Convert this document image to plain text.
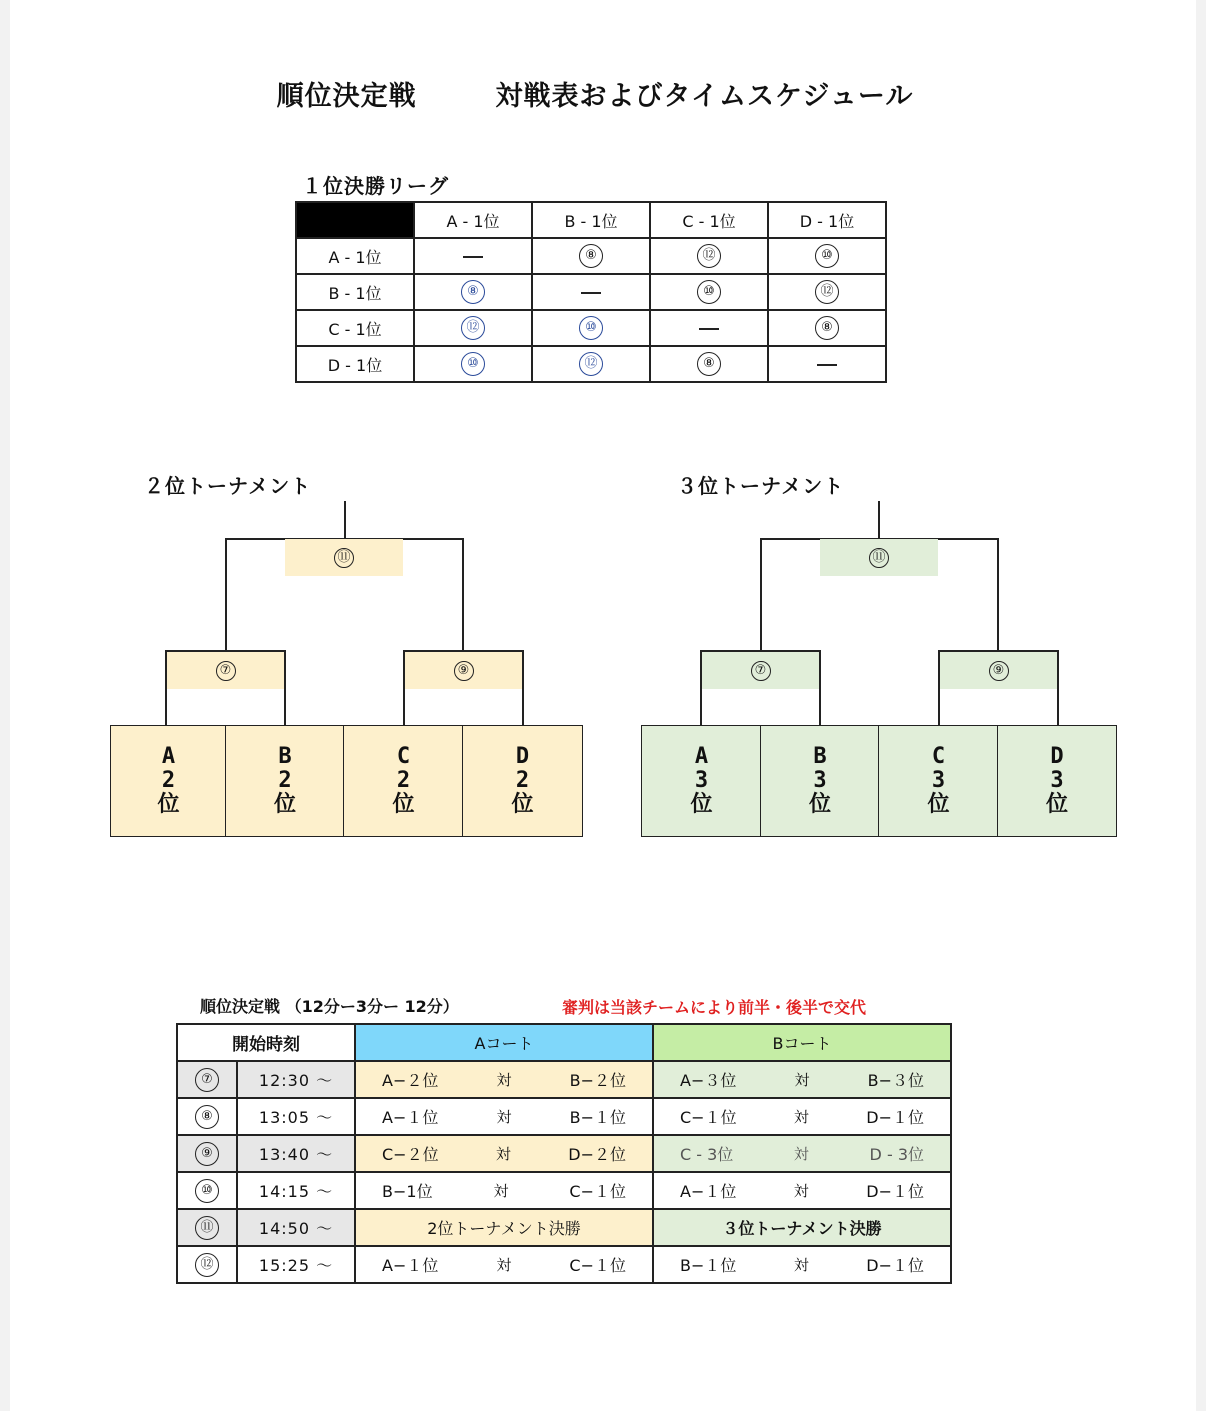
順位決定戦	対戦表およびタイムスケジュール
１位決勝リーグ
	A - 1位	B - 1位	C - 1位	D - 1位
A - 1位		⑧	⑫	⑩
B - 1位	⑧		⑩	⑫
C - 1位	⑫	⑩		⑧
D - 1位	⑩	⑫	⑧	
２位トーナメント
⑪
⑦	⑨
A
2
位
B
2
位
C
2
位
D
2
位
３位トーナメント
⑪
⑦	⑨
A
3
位
B
3
位
C
3
位
D
3
位
順位決定戦 （12分ー3分ー 12分）	審判は当該チームにより前半・後半で交代
開始時刻		Aコート	Bコート
⑦	12:30 ～	A−２位 対 B−２位	A−３位 対 B−３位

⑧	13:05 ～	A−１位 対 B−１位	C−１位 対 D−１位

⑨	13:40 ～	C−２位 対 D−２位	C - 3位 対 D - 3位

⑩	14:15 ～	B−1位 対 C−１位	A−１位 対 D−１位

⑪	14:50 ～	2位トーナメント決勝	３位トーナメント決勝
⑫	15:25 ～	A−１位 対 C−１位	B−１位 対 D−１位
